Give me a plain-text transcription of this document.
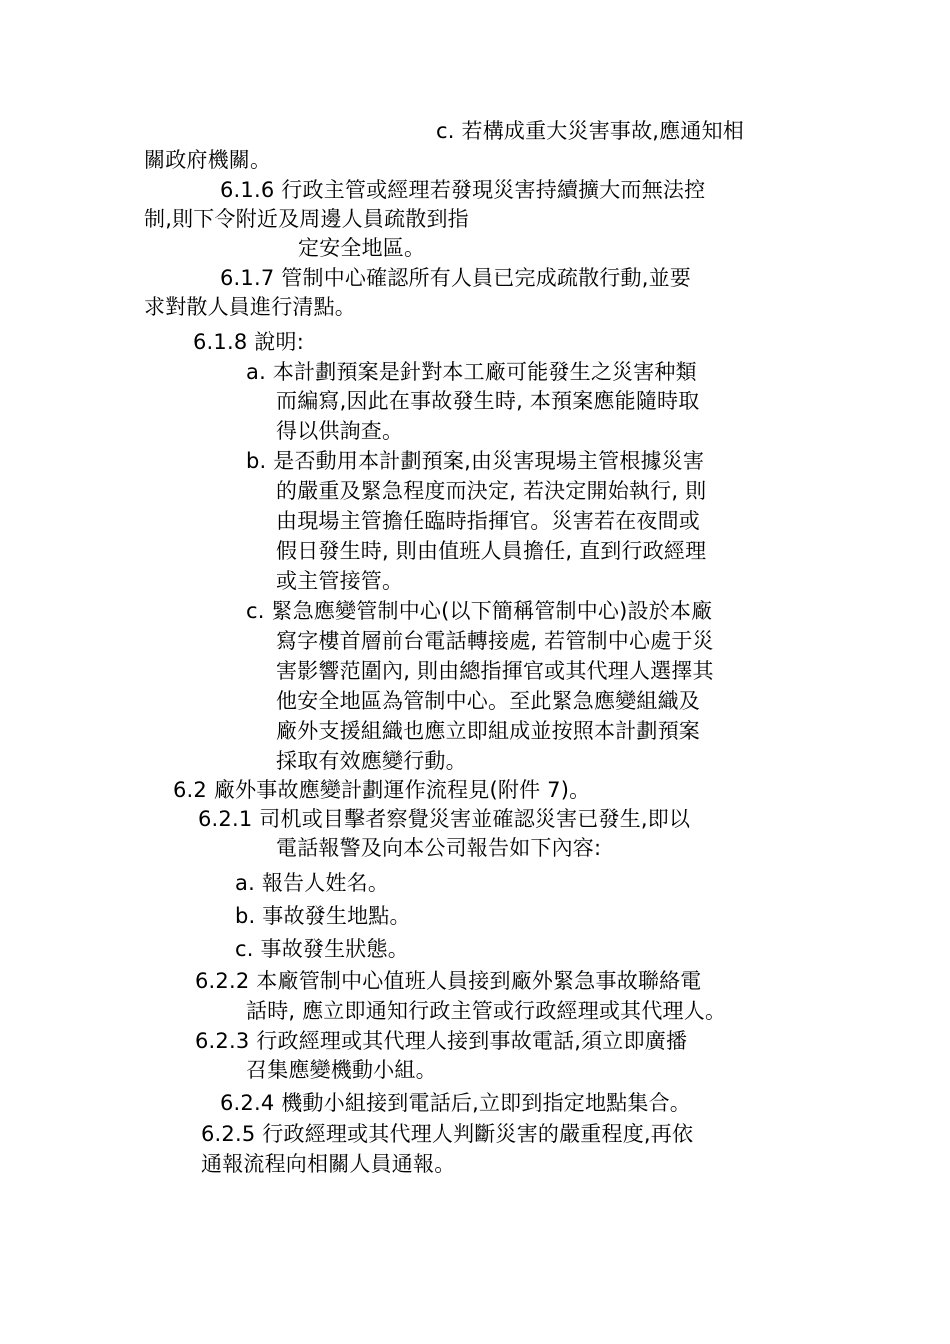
c. 若構成重大災害事故,應通知相
關政府機關。
6.1.6 行政主管或經理若發現災害持續擴大而無法控
制,則下令附近及周邊人員疏散到指
定安全地區。
6.1.7 管制中心確認所有人員已完成疏散行動,並要
求對散人員進行清點。
6.1.8 說明:
a. 本計劃預案是針對本工廠可能發生之災害种類
而編寫,因此在事故發生時, 本預案應能隨時取
得以供詢查。
b. 是否動用本計劃預案,由災害現場主管根據災害
的嚴重及緊急程度而決定, 若決定開始執行, 則
由現場主管擔任臨時指揮官。災害若在夜間或
假日發生時, 則由值班人員擔任, 直到行政經理
或主管接管。
c. 緊急應變管制中心(以下簡稱管制中心)設於本廠
寫字樓首層前台電話轉接處, 若管制中心處于災
害影響范圍內, 則由總指揮官或其代理人選擇其
他安全地區為管制中心。至此緊急應變組織及
廠外支援組織也應立即組成並按照本計劃預案
採取有效應變行動。
6.2 廠外事故應變計劃運作流程見(附件 7)。
6.2.1 司机或目擊者察覺災害並確認災害已發生,即以
電話報警及向本公司報告如下內容:
a. 報告人姓名。
b. 事故發生地點。
c. 事故發生狀態。
6.2.2 本廠管制中心值班人員接到廠外緊急事故聯絡電
話時, 應立即通知行政主管或行政經理或其代理人。
6.2.3 行政經理或其代理人接到事故電話,須立即廣播
召集應變機動小組。
6.2.4 機動小組接到電話后,立即到指定地點集合。
6.2.5 行政經理或其代理人判斷災害的嚴重程度,再依
通報流程向相關人員通報。
